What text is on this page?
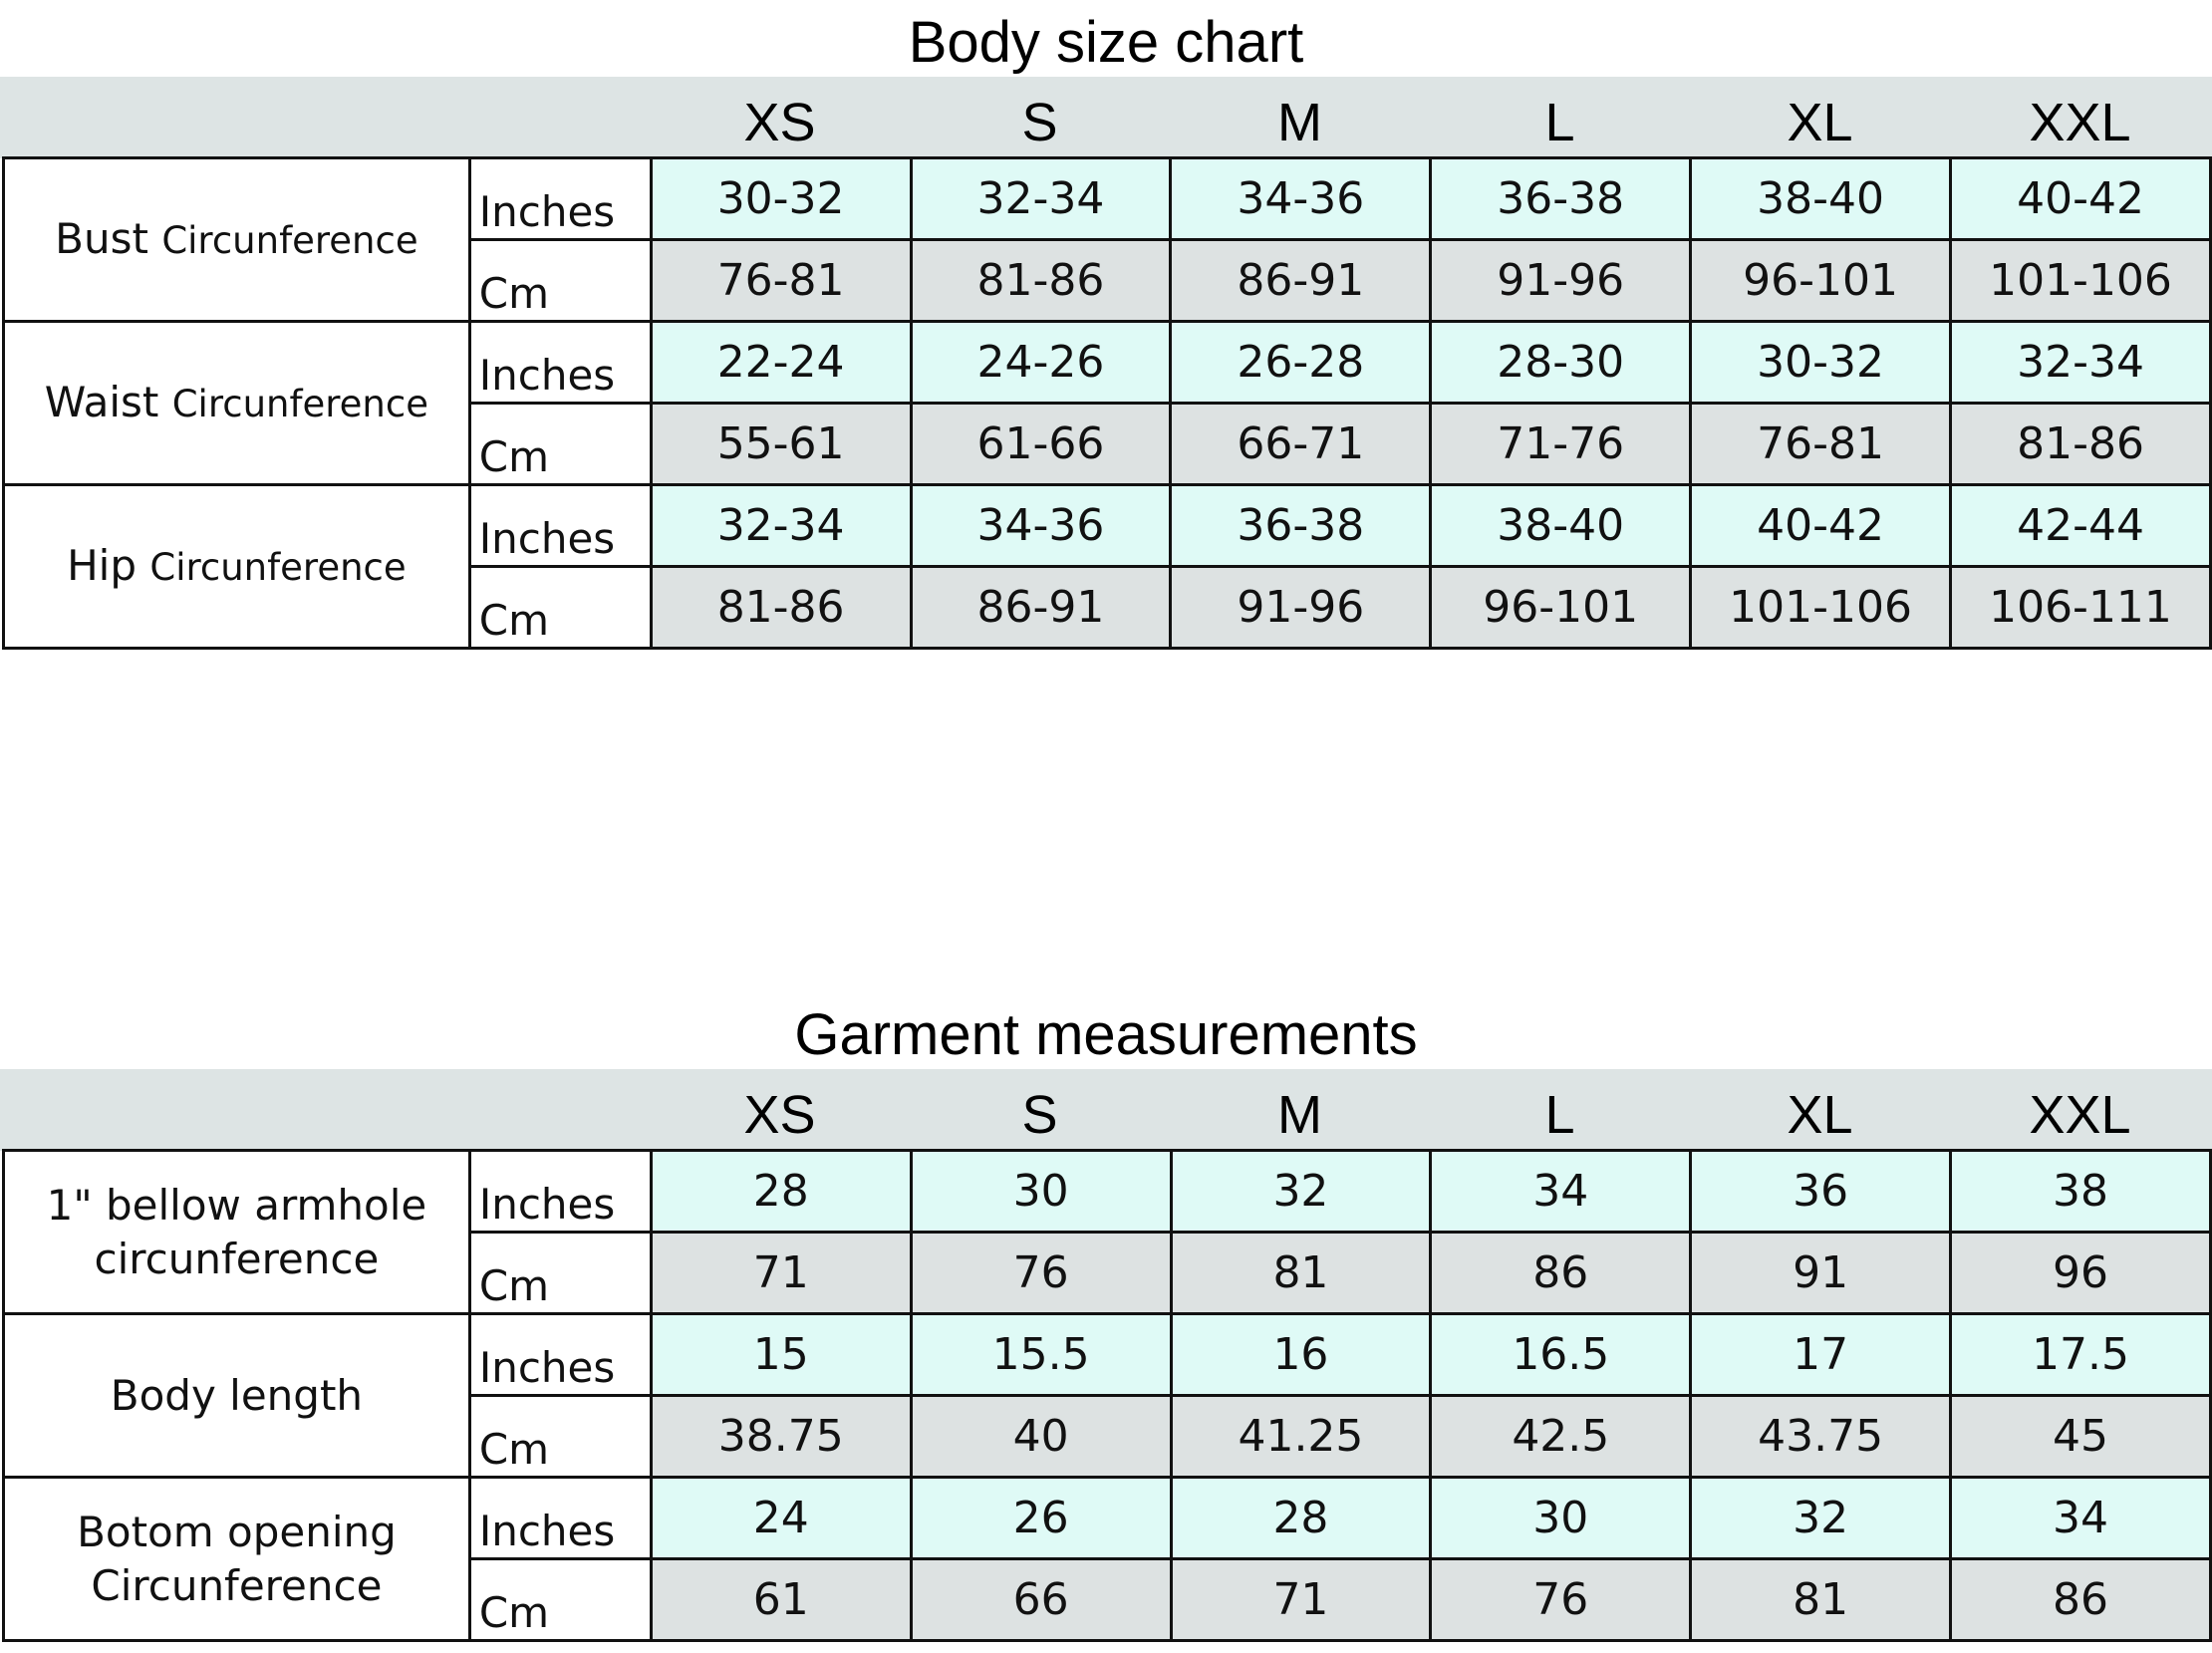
Body size chart
XS	S	M	L	XL	XXL
Bust Circunference	Inches	30-32	32-34	34-36	36-38	38-40	40-42
	Cm	76-81	81-86	86-91	91-96	96-101	101-106
Waist Circunference	Inches	22-24	24-26	26-28	28-30	30-32	32-34
	Cm	55-61	61-66	66-71	71-76	76-81	81-86
Hip Circunference	Inches	32-34	34-36	36-38	38-40	40-42	42-44
	Cm	81-86	86-91	91-96	96-101	101-106	106-111
Garment measurements
XS	S	M	L	XL	XXL
1" bellow armhole
circunference	Inches	28	30	32	34	36	38
	Cm	71	76	81	86	91	96
Body length	Inches	15	15.5	16	16.5	17	17.5
	Cm	38.75	40	41.25	42.5	43.75	45
Botom opening
Circunference	Inches	24	26	28	30	32	34
	Cm	61	66	71	76	81	86
